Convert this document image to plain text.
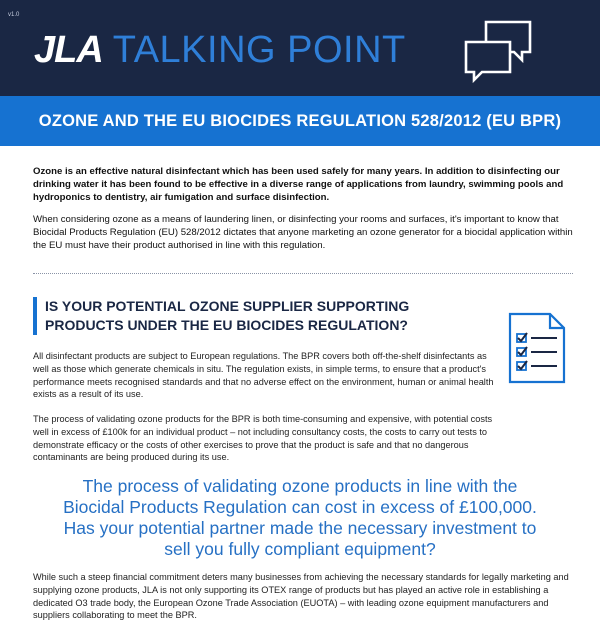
v1.0
JLA TALKING POINT
OZONE AND THE EU BIOCIDES REGULATION 528/2012 (EU BPR)

Ozone is an effective natural disinfectant which has been used safely for many years. In addition to disinfecting our drinking water it has been found to be effective in a diverse range of applications from laundry, swimming pools and hydroponics to dentistry, air fumigation and surface disinfection.

When considering ozone as a means of laundering linen, or disinfecting your rooms and surfaces, it's important to know that Biocidal Products Regulation (EU) 528/2012 dictates that anyone marketing an ozone generator for a biocidal application within the EU must have their product authorised in line with this regulation.

IS YOUR POTENTIAL OZONE SUPPLIER SUPPORTING PRODUCTS UNDER THE EU BIOCIDES REGULATION?

All disinfectant products are subject to European regulations. The BPR covers both off-the-shelf disinfectants as well as those which generate chemicals in situ. The regulation exists, in simple terms, to ensure that a product's performance meets recognised standards and that no adverse effect on the environment, human or animal health exists as a result of its use.

The process of validating ozone products for the BPR is both time-consuming and expensive, with potential costs well in excess of £100k for an individual product – not including consultancy costs, the costs to carry out tests to demonstrate efficacy or the costs of other exercises to prove that the product is safe and that no dangerous contaminants are being produced during its use.

The process of validating ozone products in line with the Biocidal Products Regulation can cost in excess of £100,000. Has your potential partner made the necessary investment to sell you fully compliant equipment?

While such a steep financial commitment deters many businesses from achieving the necessary standards for legally marketing and supplying ozone products, JLA is not only supporting its OTEX range of products but has played an active role in establishing a dedicated O3 trade body, the European Ozone Trade Association (EUOTA) – with leading ozone equipment manufacturers and suppliers collaborating to meet the BPR.
